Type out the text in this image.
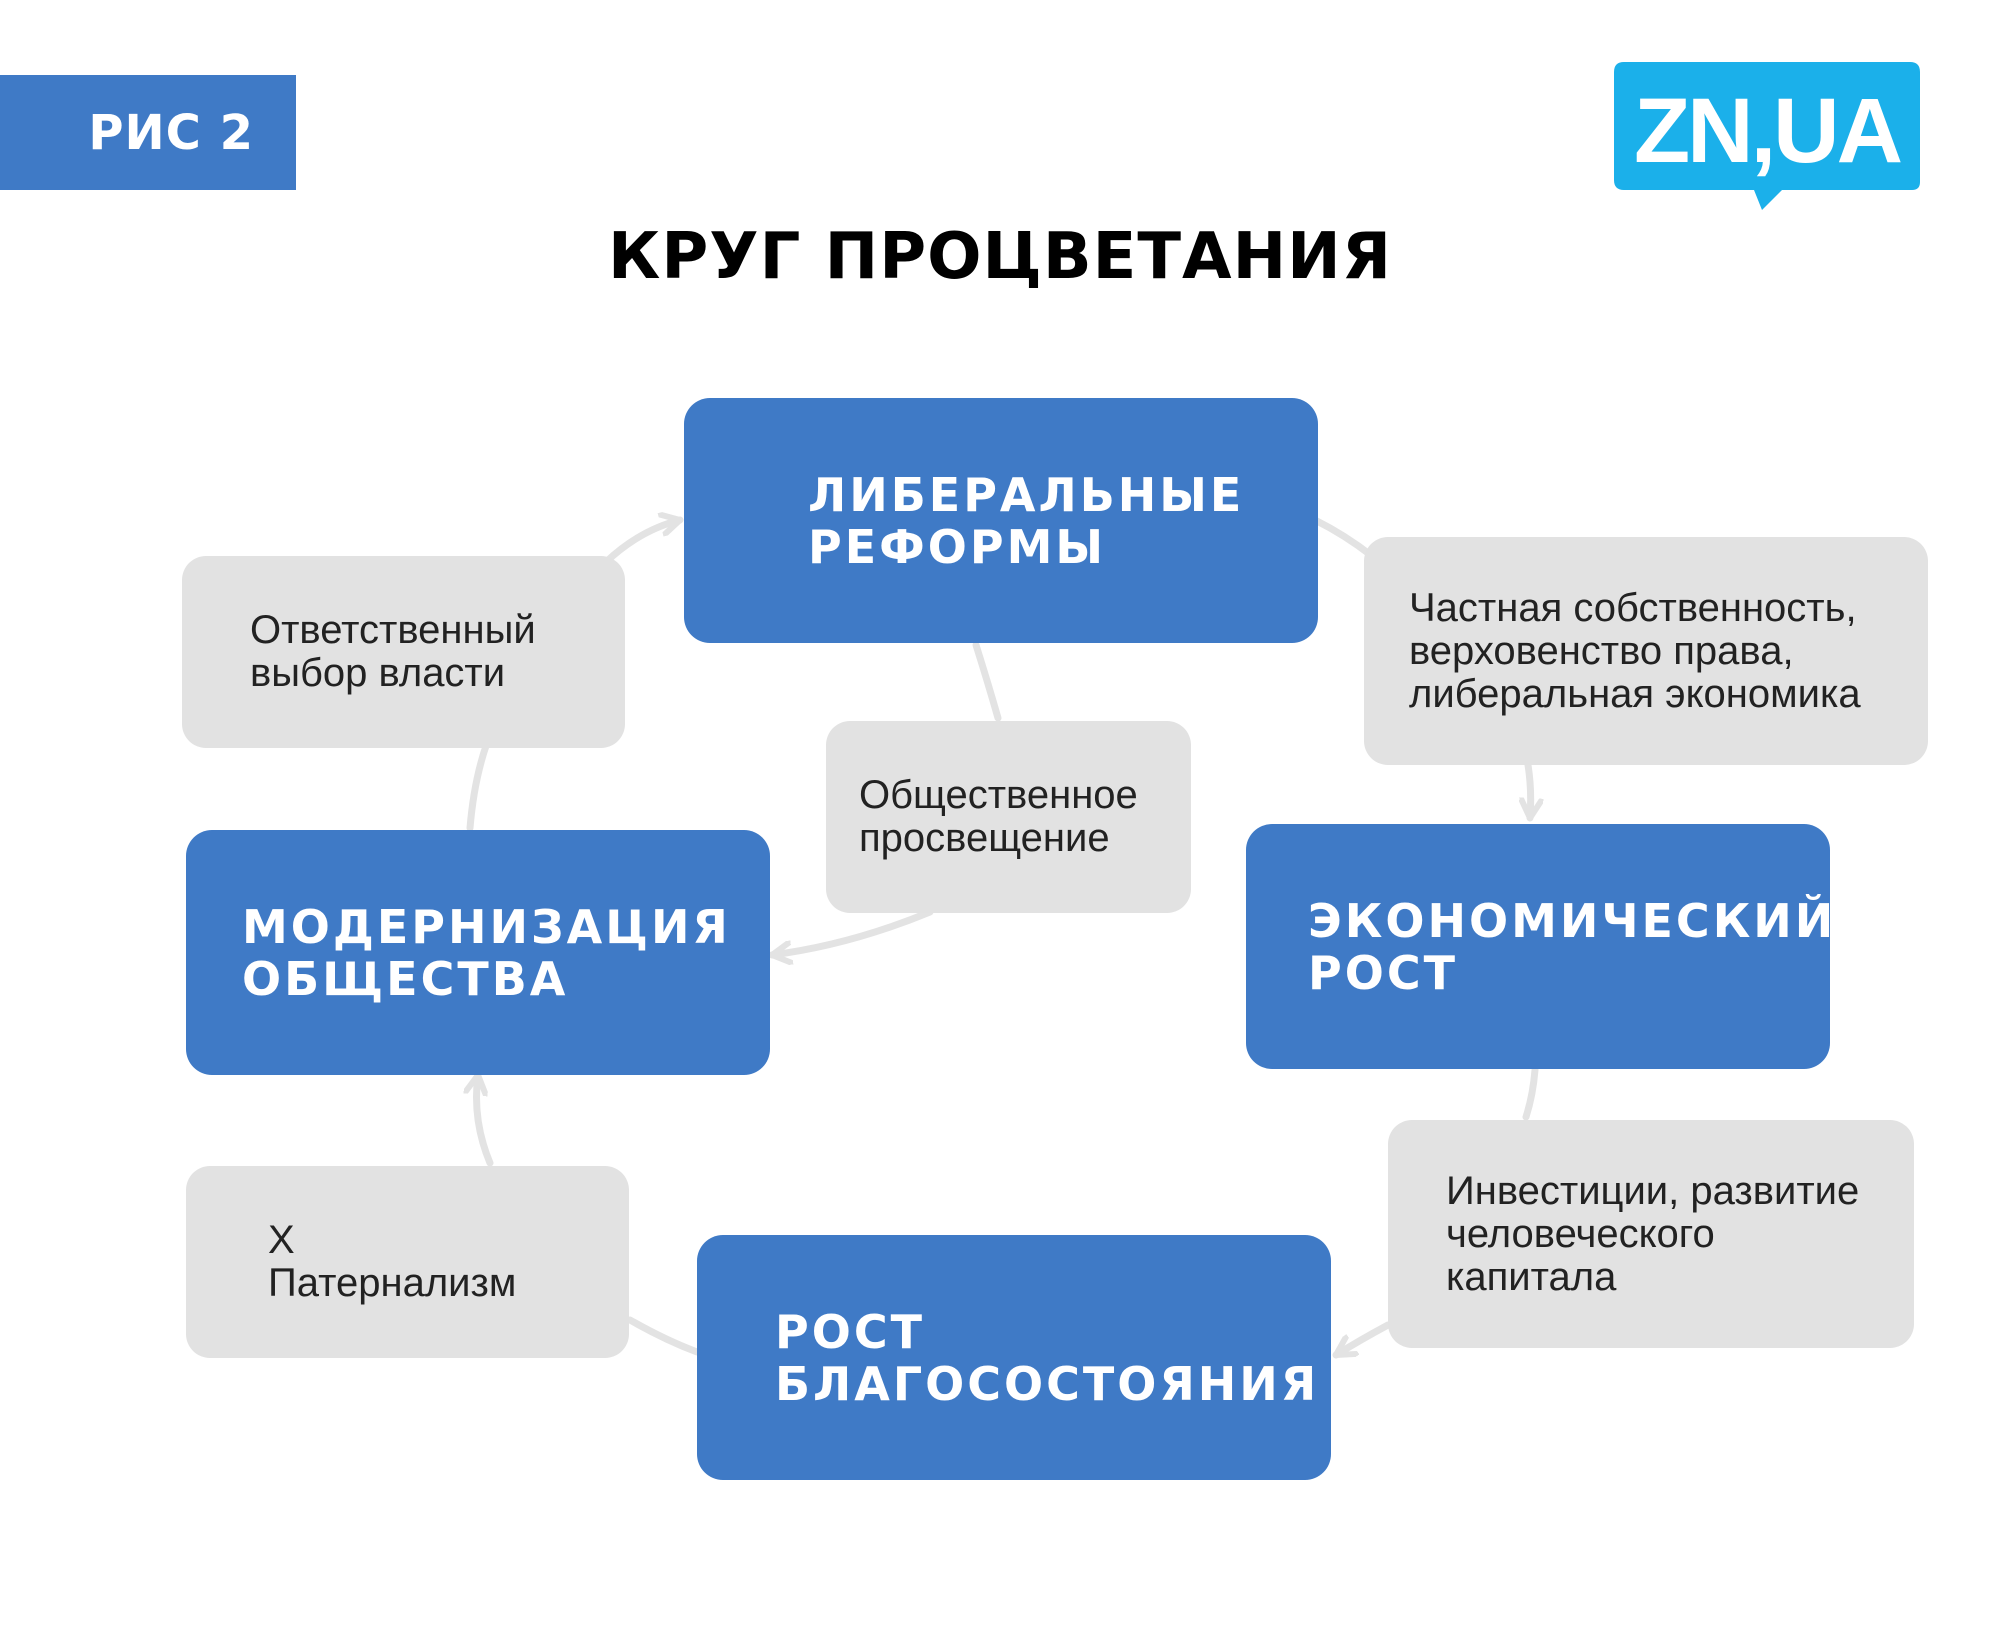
РИС 2	ZN,UA
КРУГ ПРОЦВЕТАНИЯ
ЛИБЕРАЛЬНЫЕ
РЕФОРМЫ
ЭКОНОМИЧЕСКИЙ
РОСТ
РОСТ
БЛАГОСОСТОЯНИЯ
МОДЕРНИЗАЦИЯ
ОБЩЕСТВА
Частная собственность,
верховенство права,
либеральная экономика
Инвестиции, развитие
человеческого
капитала
X
Патернализм
Общественное
просвещение
Ответственный
выбор власти
